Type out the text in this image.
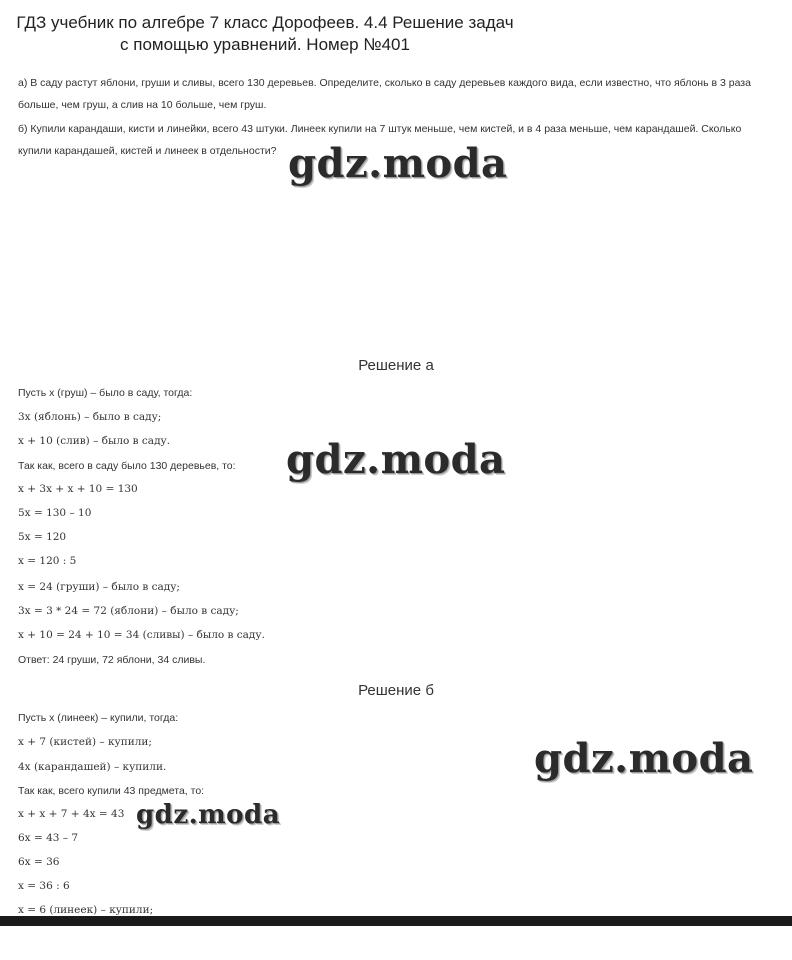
ГДЗ учебник по алгебре 7 класс Дорофеев. 4.4 Решение задач
с помощью уравнений. Номер №401
а) В саду растут яблони, груши и сливы, всего 130 деревьев. Определите, сколько в саду деревьев каждого вида, если известно, что яблонь в 3 раза
больше, чем груш, а слив на 10 больше, чем груш.
б) Купили карандаши, кисти и линейки, всего 43 штуки. Линеек купили на 7 штук меньше, чем кистей, и в 4 раза меньше, чем карандашей. Сколько
купили карандашей, кистей и линеек в отдельности? gdz.moda
Решение а
Пусть x (груш) – было в саду, тогда:
3x (яблонь) – было в саду;
x + 10 (слив) – было в саду.
Так как, всего в саду было 130 деревьев, то:
x + 3x + x + 10 = 130
5x = 130 – 10
5x = 120
x = 120 : 5
x = 24 (груши) – было в саду;
3x = 3 * 24 = 72 (яблони) – было в саду;
x + 10 = 24 + 10 = 34 (сливы) – было в саду.
Ответ: 24 груши, 72 яблони, 34 сливы.
gdz.moda
Решение б
Пусть x (линеек) – купили, тогда:
x + 7 (кистей) – купили;
4x (карандашей) – купили.
Так как, всего купили 43 предмета, то:
x + x + 7 + 4x = 43
6x = 43 – 7
6x = 36
x = 36 : 6
x = 6 (линеек) – купили;
gdz.moda
gdz.moda
